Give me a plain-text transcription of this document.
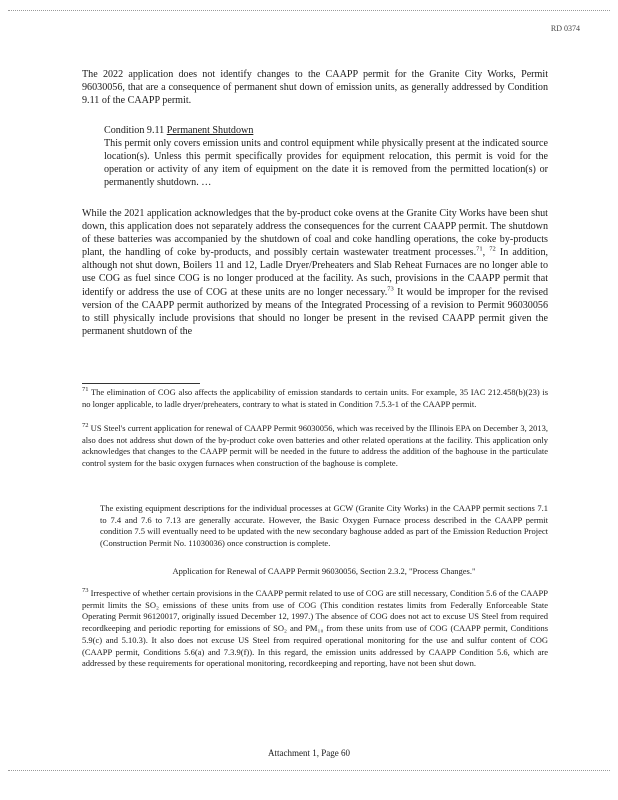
RD 0374

The 2022 application does not identify changes to the CAAPP permit for the Granite City Works, Permit 96030056, that are a consequence of permanent shut down of emission units, as generally addressed by Condition 9.11 of the CAAPP permit.

Condition 9.11 Permanent Shutdown

This permit only covers emission units and control equipment while physically present at the indicated source location(s). Unless this permit specifically provides for equipment relocation, this permit is void for the operation or activity of any item of equipment on the date it is removed from the permitted location(s) or permanently shutdown. …

While the 2021 application acknowledges that the by-product coke ovens at the Granite City Works have been shut down, this application does not separately address the consequences for the current CAAPP permit. The shutdown of these batteries was accompanied by the shutdown of coal and coke handling operations, the coke by-products plant, the handling of coke by-products, and possibly certain wastewater treatment processes.$^{71}$, $^{72}$ In addition, although not shut down, Boilers 11 and 12, Ladle Dryer/Preheaters and Slab Reheat Furnaces are no longer able to use COG as fuel since COG is no longer produced at the facility. As such, provisions in the CAAPP permit that identify or address the use of COG at these units are no longer necessary.$^{73}$ It would be improper for the revised version of the CAAPP permit authorized by means of the Integrated Processing of a revision to Permit 96030056 to still physically include provisions that should no longer be present in the revised CAAPP permit given the permanent shutdown of the

$^{71}$ The elimination of COG also affects the applicability of emission standards to certain units. For example, 35 IAC 212.458(b)(23) is no longer applicable, to ladle dryer/preheaters, contrary to what is stated in Condition 7.5.3-1 of the CAAPP permit.

$^{72}$ US Steel's current application for renewal of CAAPP Permit 96030056, which was received by the Illinois EPA on December 3, 2013, also does not address shut down of the by-product coke oven batteries and other related operations at the facility. This application only acknowledges that changes to the CAAPP permit will be needed in the future to address the addition of the baghouse in the particulate control system for the basic oxygen furnaces when construction of the baghouse is complete.

The existing equipment descriptions for the individual processes at GCW (Granite City Works) in the CAAPP permit sections 7.1 to 7.4 and 7.6 to 7.13 are generally accurate. However, the Basic Oxygen Furnace process described in the CAAPP permit condition 7.5 will eventually need to be updated with the new secondary baghouse added as part of the Emission Reduction Project (Construction Permit No. 11030036) once construction is complete.

Application for Renewal of CAAPP Permit 96030056, Section 2.3.2, "Process Changes."

$^{73}$ Irrespective of whether certain provisions in the CAAPP permit related to use of COG are still necessary, Condition 5.6 of the CAAPP permit limits the SO₂ emissions of these units from use of COG (This condition restates limits from Federally Enforceable State Operating Permit 96120017, originally issued December 12, 1997.) The absence of COG does not act to excuse US Steel from required recordkeeping and periodic reporting for emissions of SO₂ and PM₁₀ from these units from use of COG (CAAPP permit, Conditions 5.9(c) and 5.10.3). It also does not excuse US Steel from required operational monitoring for the use and sulfur content of COG (CAAPP permit, Conditions 5.6(a) and 7.3.9(f)). In this regard, the emission units addressed by CAAPP Condition 5.6, which are addressed by these requirements for operational monitoring, recordkeeping and reporting, have not been shut down.

Attachment 1, Page 60
